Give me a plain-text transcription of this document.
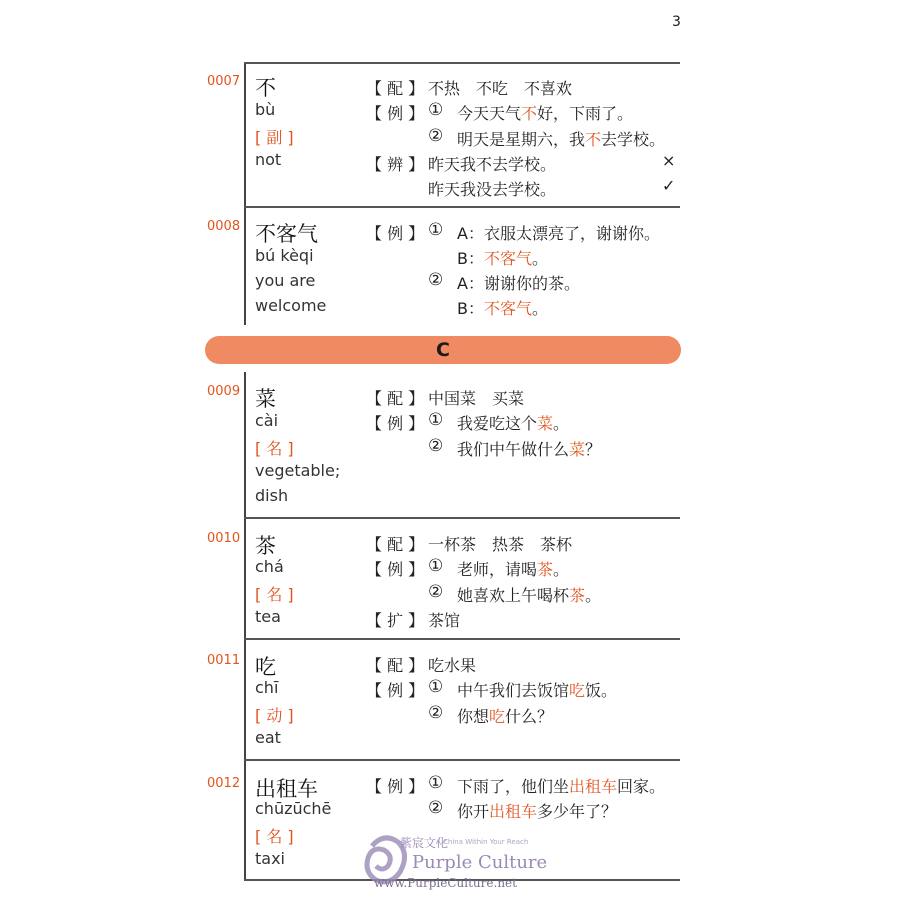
3
C
0007 不
bù
[ 副 ]
not
【 配 】 不热　不吃　不喜欢
【 例 】 ① 今天天气不好，下雨了。
② 明天是星期六，我不去学校。
【 辨 】 昨天我不去学校。	×
昨天我没去学校。	✓
0008 不客气
bú kèqi
you are
welcome
【 例 】 ① A：衣服太漂亮了，谢谢你。
B：不客气。
② A：谢谢你的茶。
B：不客气。
0009 菜
cài
[ 名 ]
vegetable;
dish
【 配 】 中国菜　买菜
【 例 】 ① 我爱吃这个菜。
② 我们中午做什么菜？
0010 茶
chá
[ 名 ]
tea
【 配 】 一杯茶　热茶　茶杯
【 例 】 ① 老师，请喝茶。
② 她喜欢上午喝杯茶。
【 扩 】 茶馆
0011 吃
chī
[ 动 ]
eat
【 配 】 吃水果
【 例 】 ① 中午我们去饭馆吃饭。
② 你想吃什么？
0012 出租车
chūzūchē
[ 名 ]
taxi
【 例 】 ① 下雨了，他们坐出租车回家。
② 你开出租车多少年了？
紫宸文化
A China Within Your Reach
Purple Culture
www.PurpleCulture.net
